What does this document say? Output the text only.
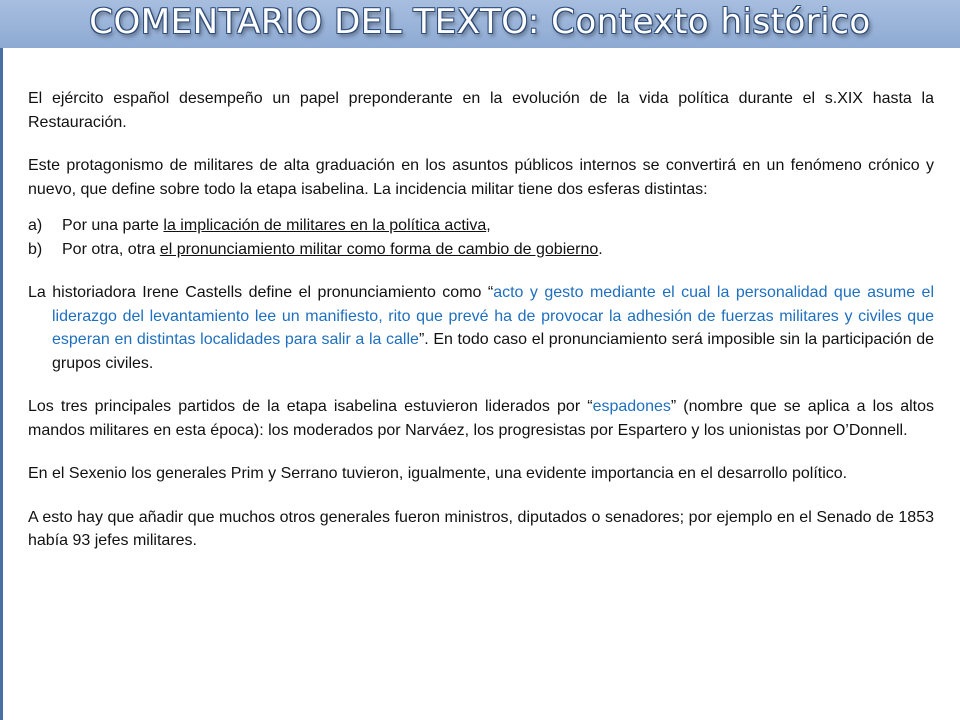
COMENTARIO DEL TEXTO: Contexto histórico

El ejército español desempeño un papel preponderante en la evolución de la vida política durante el s.XIX hasta la Restauración.

Este protagonismo de militares de alta graduación en los asuntos públicos internos se convertirá en un fenómeno crónico y nuevo, que define sobre todo la etapa isabelina. La incidencia militar tiene dos esferas distintas:

a)	Por una parte la implicación de militares en la política activa,
b)	Por otra, otra el pronunciamiento militar como forma de cambio de gobierno.

La historiadora Irene Castells define el pronunciamiento como “acto y gesto mediante el cual la personalidad que asume el liderazgo del levantamiento lee un manifiesto, rito que prevé ha de provocar la adhesión de fuerzas militares y civiles que esperan en distintas localidades para salir a la calle”. En todo caso el pronunciamiento será imposible sin la participación de grupos civiles.

Los tres principales partidos de la etapa isabelina estuvieron liderados por “espadones” (nombre que se aplica a los altos mandos militares en esta época): los moderados por Narváez, los progresistas por Espartero y los unionistas por O’Donnell.

En el Sexenio los generales Prim y Serrano tuvieron, igualmente, una evidente importancia en el desarrollo político.

A esto hay que añadir que muchos otros generales fueron ministros, diputados o senadores; por ejemplo en el Senado de 1853 había 93 jefes militares.
